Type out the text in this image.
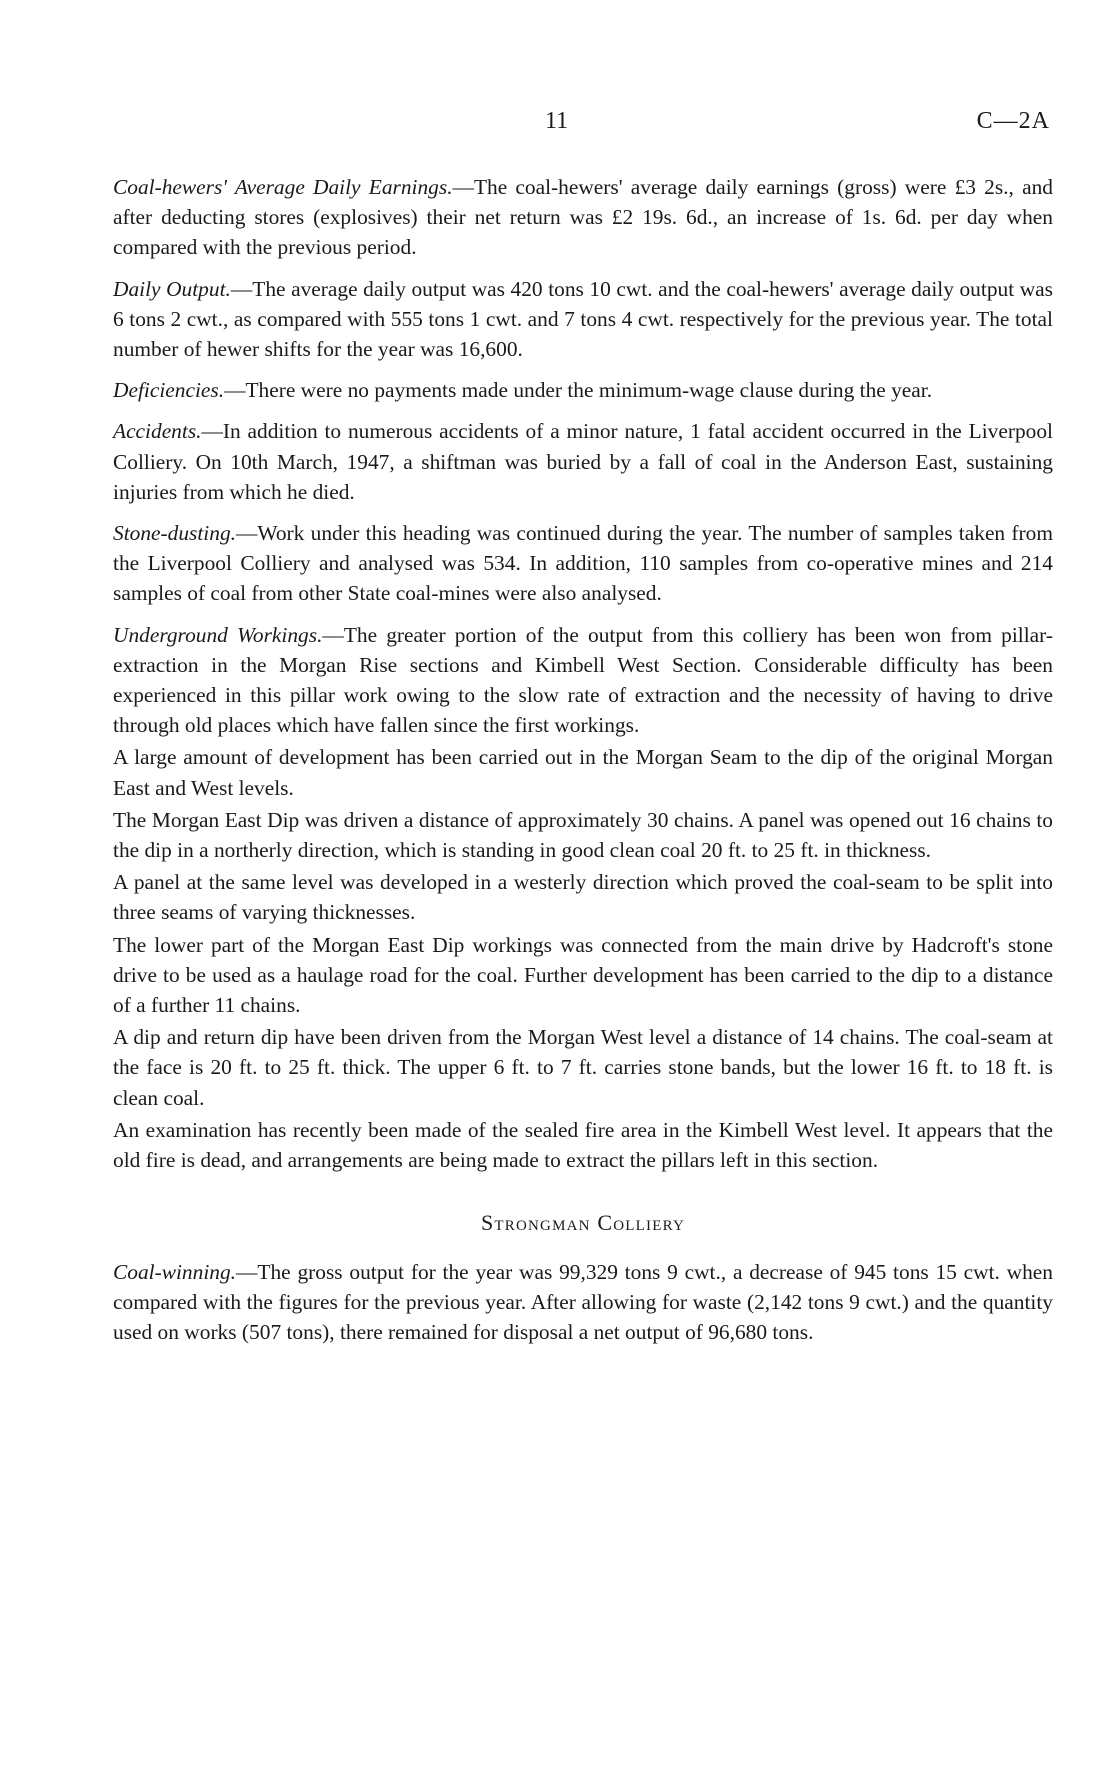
11	C—2A

Coal-hewers' Average Daily Earnings.—The coal-hewers' average daily earnings (gross) were £3 2s., and after deducting stores (explosives) their net return was £2 19s. 6d., an increase of 1s. 6d. per day when compared with the previous period.

Daily Output.—The average daily output was 420 tons 10 cwt. and the coal-hewers' average daily output was 6 tons 2 cwt., as compared with 555 tons 1 cwt. and 7 tons 4 cwt. respectively for the previous year. The total number of hewer shifts for the year was 16,600.

Deficiencies.—There were no payments made under the minimum-wage clause during the year.

Accidents.—In addition to numerous accidents of a minor nature, 1 fatal accident occurred in the Liverpool Colliery. On 10th March, 1947, a shiftman was buried by a fall of coal in the Anderson East, sustaining injuries from which he died.

Stone-dusting.—Work under this heading was continued during the year. The number of samples taken from the Liverpool Colliery and analysed was 534. In addition, 110 samples from co-operative mines and 214 samples of coal from other State coal-mines were also analysed.

Underground Workings.—The greater portion of the output from this colliery has been won from pillar-extraction in the Morgan Rise sections and Kimbell West Section. Considerable difficulty has been experienced in this pillar work owing to the slow rate of extraction and the necessity of having to drive through old places which have fallen since the first workings.

A large amount of development has been carried out in the Morgan Seam to the dip of the original Morgan East and West levels.

The Morgan East Dip was driven a distance of approximately 30 chains. A panel was opened out 16 chains to the dip in a northerly direction, which is standing in good clean coal 20 ft. to 25 ft. in thickness.

A panel at the same level was developed in a westerly direction which proved the coal-seam to be split into three seams of varying thicknesses.

The lower part of the Morgan East Dip workings was connected from the main drive by Hadcroft's stone drive to be used as a haulage road for the coal. Further development has been carried to the dip to a distance of a further 11 chains.

A dip and return dip have been driven from the Morgan West level a distance of 14 chains. The coal-seam at the face is 20 ft. to 25 ft. thick. The upper 6 ft. to 7 ft. carries stone bands, but the lower 16 ft. to 18 ft. is clean coal.

An examination has recently been made of the sealed fire area in the Kimbell West level. It appears that the old fire is dead, and arrangements are being made to extract the pillars left in this section.

Strongman Colliery

Coal-winning.—The gross output for the year was 99,329 tons 9 cwt., a decrease of 945 tons 15 cwt. when compared with the figures for the previous year. After allowing for waste (2,142 tons 9 cwt.) and the quantity used on works (507 tons), there remained for disposal a net output of 96,680 tons.
